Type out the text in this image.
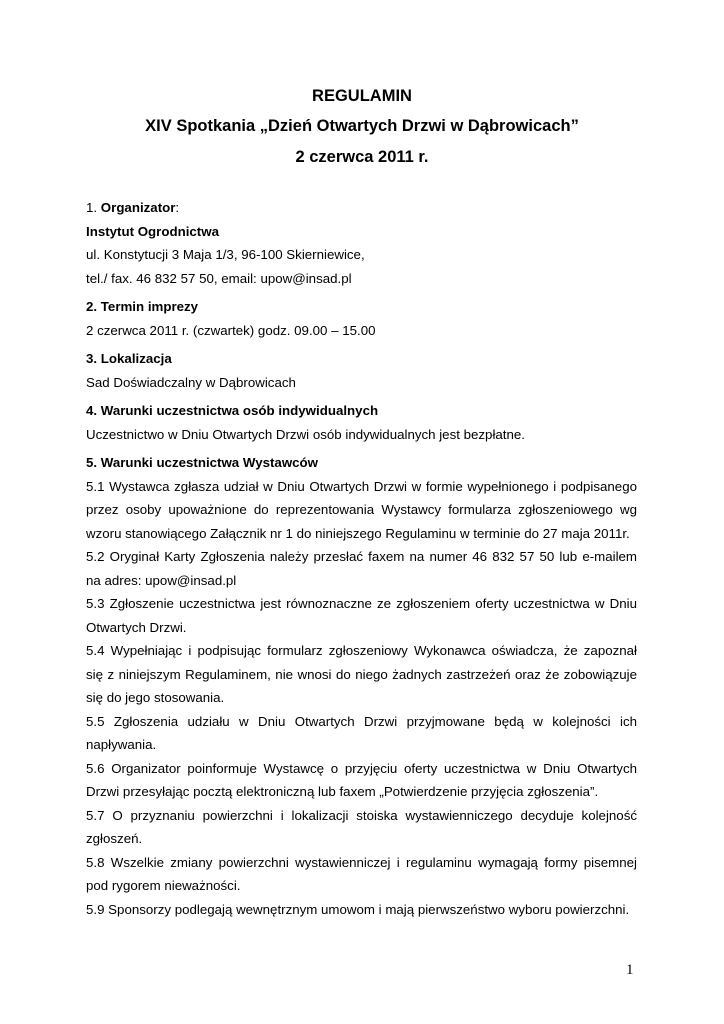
REGULAMIN
XIV Spotkania „Dzień Otwartych Drzwi w Dąbrowicach”
2 czerwca 2011 r.
1. Organizator:
Instytut Ogrodnictwa
ul. Konstytucji 3 Maja 1/3, 96-100 Skierniewice,
tel./ fax. 46 832 57 50, email: upow@insad.pl
2. Termin imprezy
2 czerwca 2011 r. (czwartek) godz. 09.00 – 15.00
3. Lokalizacja
Sad Doświadczalny w Dąbrowicach
4. Warunki uczestnictwa osób indywidualnych
Uczestnictwo w Dniu Otwartych Drzwi osób indywidualnych jest bezpłatne.
5. Warunki uczestnictwa Wystawców
5.1 Wystawca zgłasza udział w Dniu Otwartych Drzwi w formie wypełnionego i podpisanego
przez osoby upoważnione do reprezentowania Wystawcy formularza zgłoszeniowego wg
wzoru stanowiącego Załącznik nr 1 do niniejszego Regulaminu w terminie do 27 maja 2011r.
5.2 Oryginał Karty Zgłoszenia należy przesłać faxem na numer 46 832 57 50 lub e-mailem
na adres: upow@insad.pl
5.3 Zgłoszenie uczestnictwa jest równoznaczne ze zgłoszeniem oferty uczestnictwa w Dniu
Otwartych Drzwi.
5.4 Wypełniając i podpisując formularz zgłoszeniowy Wykonawca oświadcza, że zapoznał
się z niniejszym Regulaminem, nie wnosi do niego żadnych zastrzeżeń oraz że zobowiązuje
się do jego stosowania.
5.5 Zgłoszenia udziału w Dniu Otwartych Drzwi przyjmowane będą w kolejności ich
napływania.
5.6 Organizator poinformuje Wystawcę o przyjęciu oferty uczestnictwa w Dniu Otwartych
Drzwi przesyłając pocztą elektroniczną lub faxem „Potwierdzenie przyjęcia zgłoszenia”.
5.7 O przyznaniu powierzchni i lokalizacji stoiska wystawienniczego decyduje kolejność
zgłoszeń.
5.8 Wszelkie zmiany powierzchni wystawienniczej i regulaminu wymagają formy pisemnej
pod rygorem nieważności.
5.9 Sponsorzy podlegają wewnętrznym umowom i mają pierwszeństwo wyboru powierzchni.
1
